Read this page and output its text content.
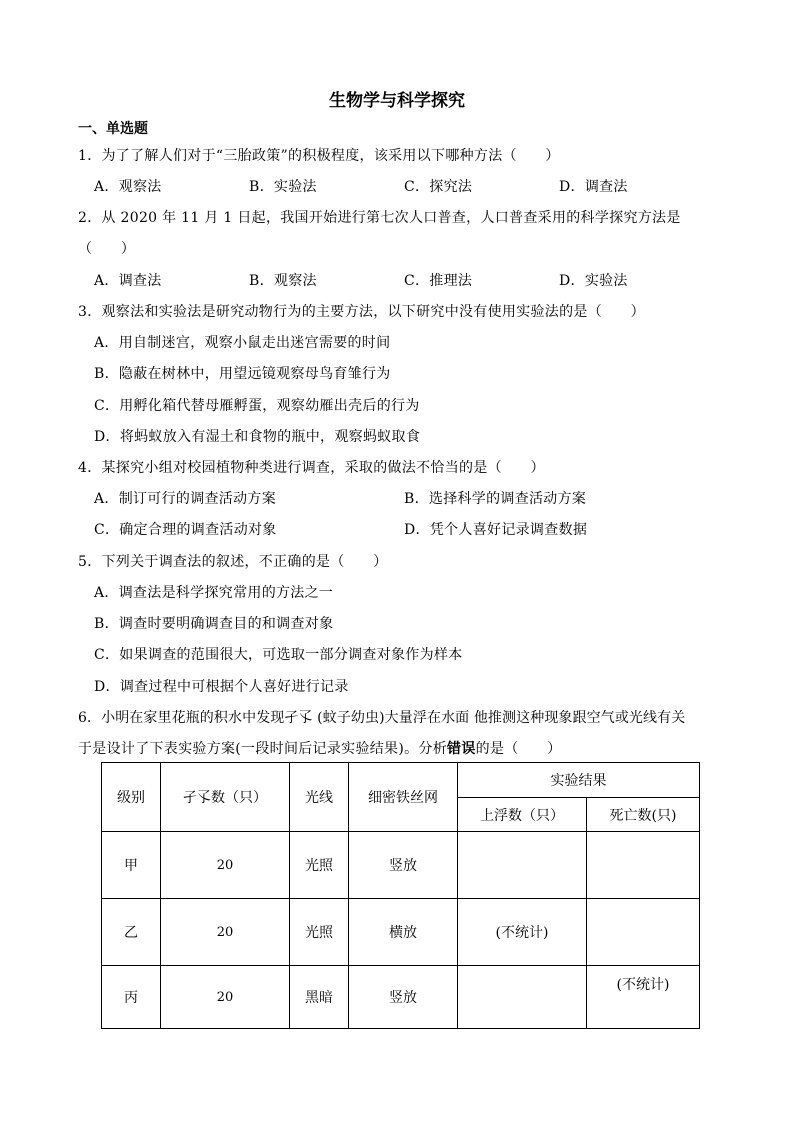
生物学与科学探究
一、单选题
1．为了了解人们对于“三胎政策”的积极程度，该采用以下哪种方法（　　）
A．观察法	B．实验法	C．探究法	D．调查法
2．从 2020 年 11 月 1 日起，我国开始进行第七次人口普查，人口普查采用的科学探究方法是
（　　）
A．调查法	B．观察法	C．推理法	D．实验法
3．观察法和实验法是研究动物行为的主要方法，以下研究中没有使用实验法的是（　　）
A．用自制迷宫，观察小鼠走出迷宫需要的时间
B．隐蔽在树林中，用望远镜观察母鸟育雏行为
C．用孵化箱代替母雁孵蛋，观察幼雁出壳后的行为
D．将蚂蚁放入有湿土和食物的瓶中，观察蚂蚁取食
4．某探究小组对校园植物种类进行调查，采取的做法不恰当的是（　　）
A．制订可行的调查活动方案	B．选择科学的调查活动方案
C．确定合理的调查活动对象	D．凭个人喜好记录调查数据
5．下列关于调查法的叙述，不正确的是（　　）
A．调查法是科学探究常用的方法之一
B．调查时要明确调查目的和调查对象
C．如果调查的范围很大，可选取一部分调查对象作为样本
D．调查过程中可根据个人喜好进行记录
6．小明在家里花瓶的积水中发现孑孓 (蚊子幼虫)大量浮在水面 他推测这种现象跟空气或光线有关
于是设计了下表实验方案(一段时间后记录实验结果)。分析错误的是（　　）
级别	孑孓数（只）	光线	细密铁丝网	实验结果	
				上浮数（只）	死亡数(只)
甲	20	光照	竖放		
乙	20	光照	横放	(不统计)	
丙	20	黑暗	竖放		(不统计)
